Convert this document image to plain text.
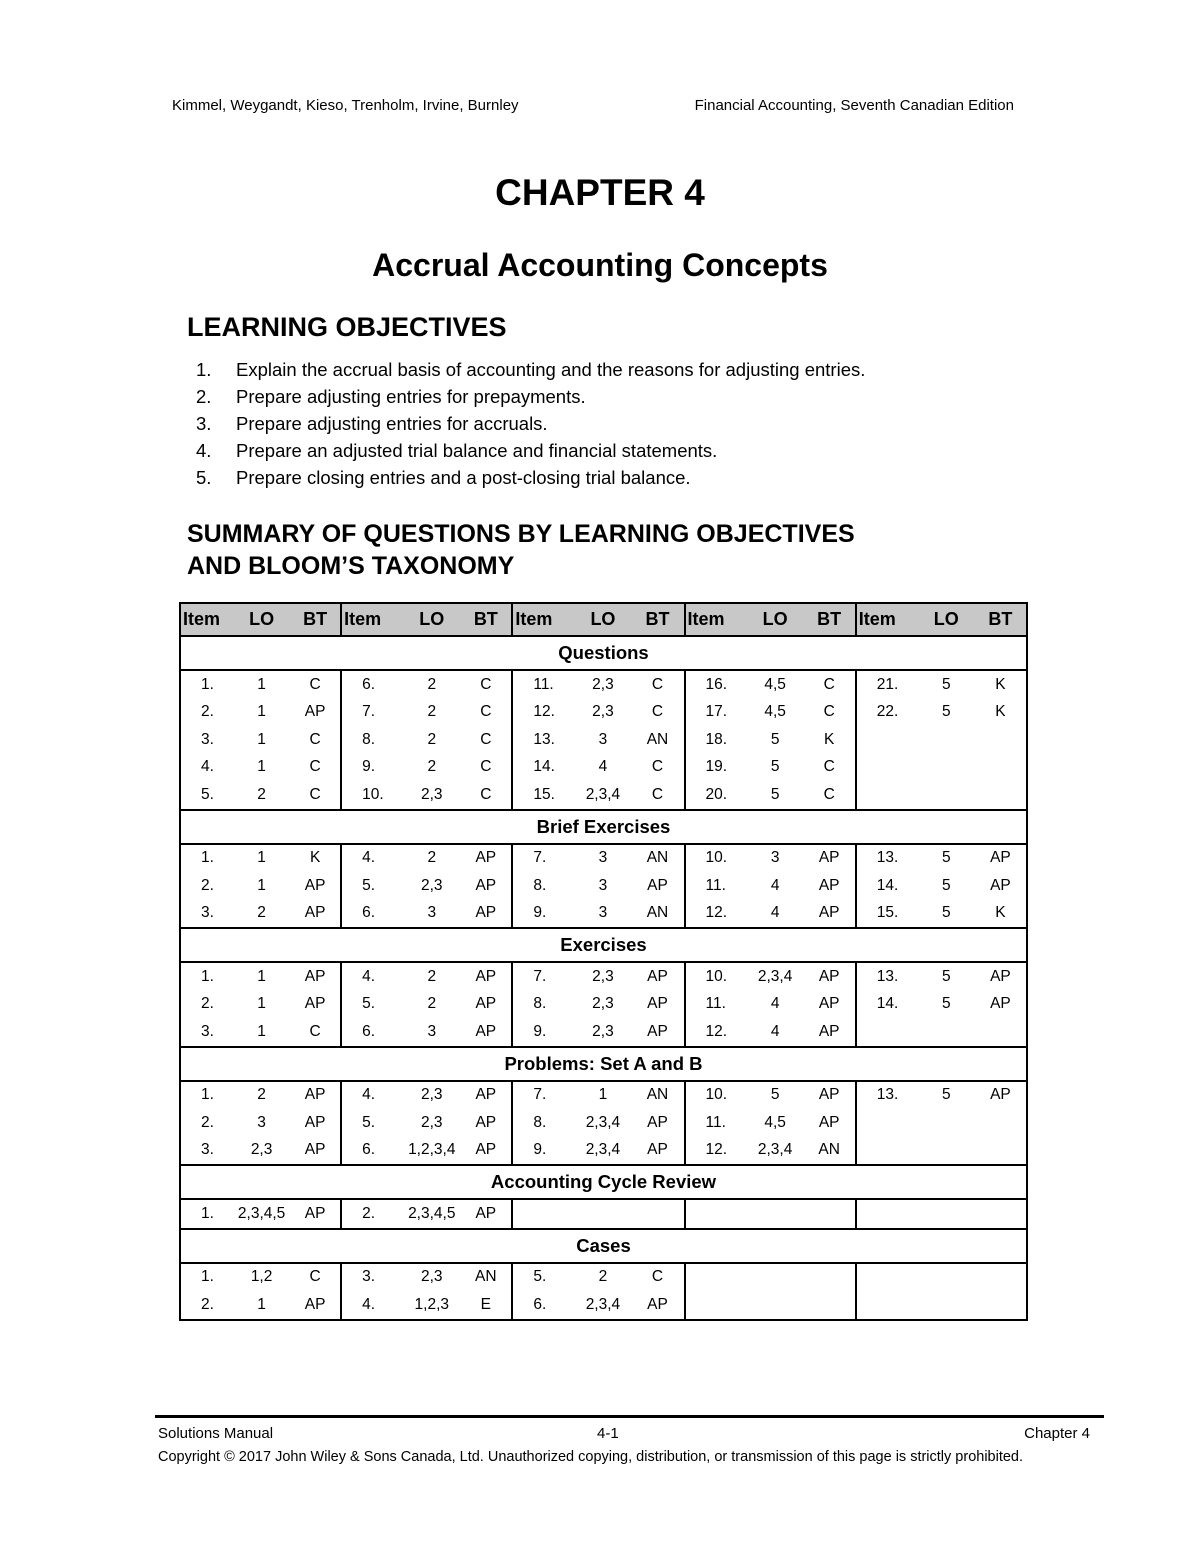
Kimmel, Weygandt, Kieso, Trenholm, Irvine, Burnley	Financial Accounting, Seventh Canadian Edition
CHAPTER 4
Accrual Accounting Concepts
LEARNING OBJECTIVES
1.	Explain the accrual basis of accounting and the reasons for adjusting entries.
2.	Prepare adjusting entries for prepayments.
3.	Prepare adjusting entries for accruals.
4.	Prepare an adjusted trial balance and financial statements.
5.	Prepare closing entries and a post-closing trial balance.
SUMMARY OF QUESTIONS BY LEARNING OBJECTIVES
AND BLOOM’S TAXONOMY
Item	LO	BT	Item	LO	BT	Item	LO	BT	Item	LO	BT	Item	LO	BT
Questions														
1.	1	C	6.	2	C	11.	2,3	C	16.	4,5	C	21.	5	K
2.	1	AP	7.	2	C	12.	2,3	C	17.	4,5	C	22.	5	K
3.	1	C	8.	2	C	13.	3	AN	18.	5	K			
4.	1	C	9.	2	C	14.	4	C	19.	5	C			
5.	2	C	10.	2,3	C	15.	2,3,4	C	20.	5	C			
Brief Exercises														
1.	1	K	4.	2	AP	7.	3	AN	10.	3	AP	13.	5	AP
2.	1	AP	5.	2,3	AP	8.	3	AP	11.	4	AP	14.	5	AP
3.	2	AP	6.	3	AP	9.	3	AN	12.	4	AP	15.	5	K
Exercises														
1.	1	AP	4.	2	AP	7.	2,3	AP	10.	2,3,4	AP	13.	5	AP
2.	1	AP	5.	2	AP	8.	2,3	AP	11.	4	AP	14.	5	AP
3.	1	C	6.	3	AP	9.	2,3	AP	12.	4	AP			
Problems: Set A and B														
1.	2	AP	4.	2,3	AP	7.	1	AN	10.	5	AP	13.	5	AP
2.	3	AP	5.	2,3	AP	8.	2,3,4	AP	11.	4,5	AP			
3.	2,3	AP	6.	1,2,3,4	AP	9.	2,3,4	AP	12.	2,3,4	AN			
Accounting Cycle Review														
1.	2,3,4,5	AP	2.	2,3,4,5	AP									
Cases														
1.	1,2	C	3.	2,3	AN	5.	2	C						
2.	1	AP	4.	1,2,3	E	6.	2,3,4	AP						
Solutions Manual	4-1	Chapter 4
Copyright © 2017 John Wiley & Sons Canada, Ltd. Unauthorized copying, distribution, or transmission of this page is strictly prohibited.
